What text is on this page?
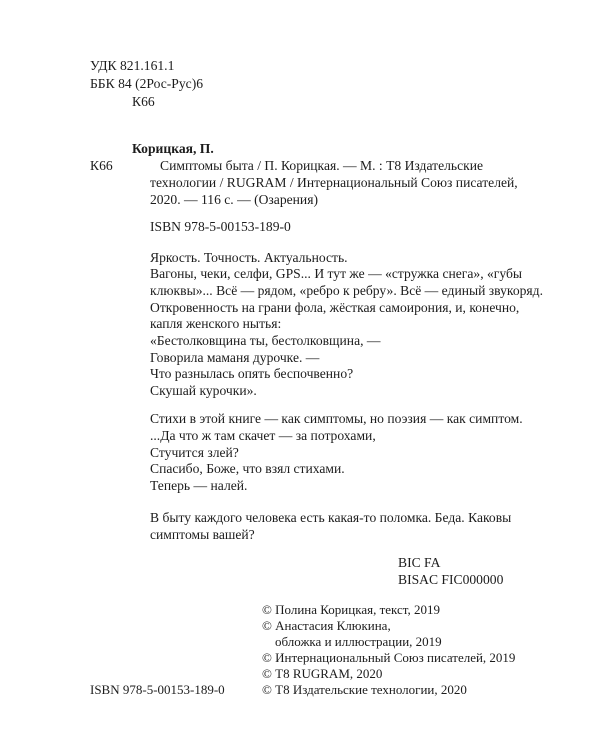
УДК 821.161.1
ББК 84 (2Рос-Рус)6
К66
Корицкая, П.
К66	Симптомы быта / П. Корицкая. — М. : Т8 Издательские
технологии / RUGRAM / Интернациональный Союз писателей,
2020. — 116 с. — (Озарения)
ISBN 978-5-00153-189-0
Яркость. Точность. Актуальность.
Вагоны, чеки, селфи, GPS... И тут же — «стружка снега», «губы
клюквы»... Всё — рядом, «ребро к ребру». Всё — единый звукоряд.
Откровенность на грани фола, жёсткая самоирония, и, конечно,
капля женского нытья:
«Бестолковщина ты, бестолковщина, —
Говорила маманя дурочке. —
Что разнылась опять беспочвенно?
Скушай курочки».
Стихи в этой книге — как симптомы, но поэзия — как симптом.
...Да что ж там скачет — за потрохами,
Стучится злей?
Спасибо, Боже, что взял стихами.
Теперь — налей.
В быту каждого человека есть какая-то поломка. Беда. Каковы
симптомы вашей?
BIC FA
BISAC FIC000000
© Полина Корицкая, текст, 2019
© Анастасия Клюкина,
обложка и иллюстрации, 2019
© Интернациональный Союз писателей, 2019
© Т8 RUGRAM, 2020
© Т8 Издательские технологии, 2020
ISBN 978-5-00153-189-0
